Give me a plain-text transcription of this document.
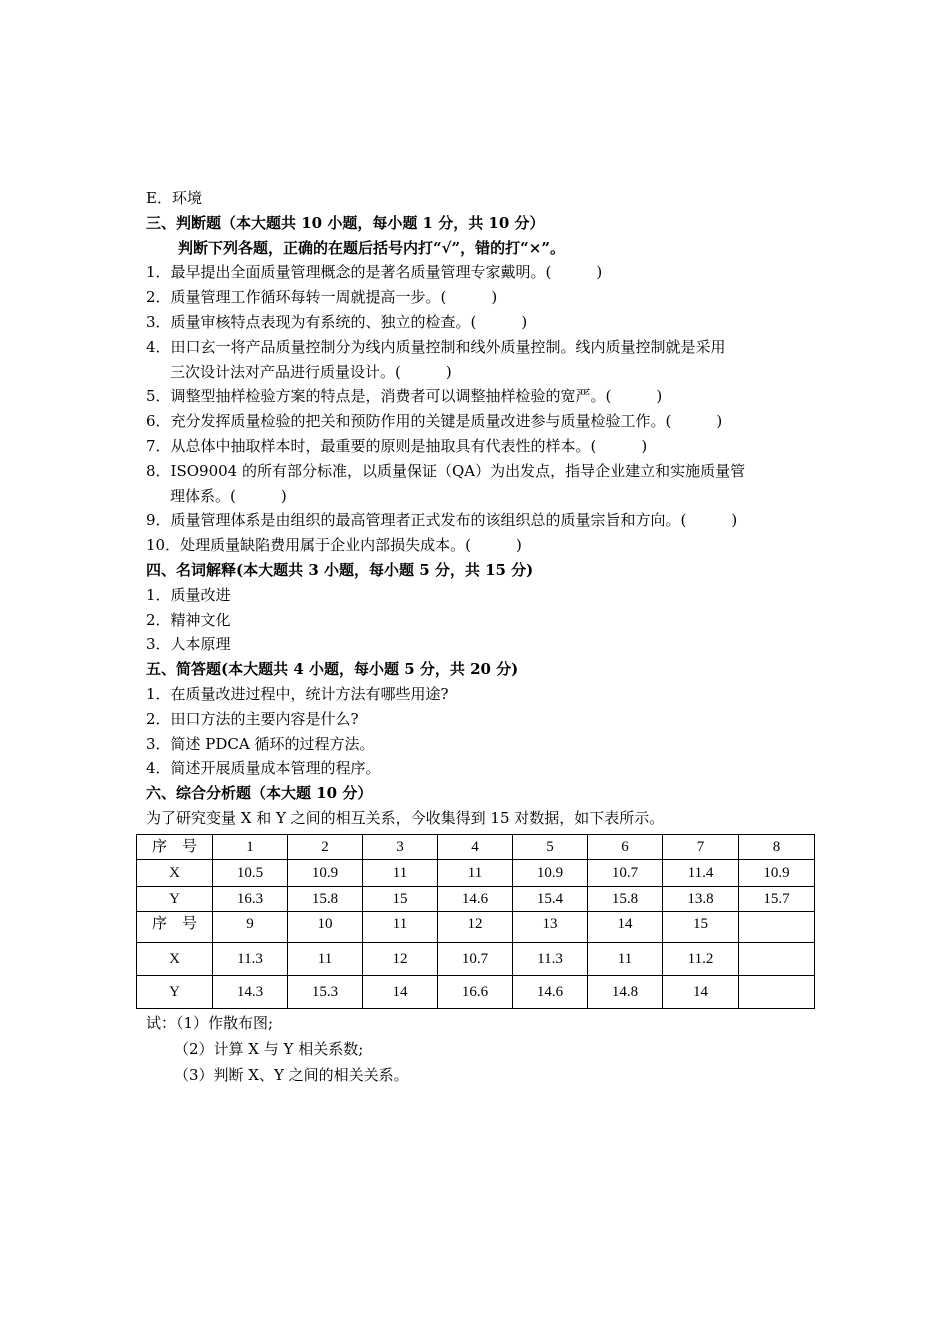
E．环境
三、判断题（本大题共 10 小题，每小题 1 分，共 10 分）
判断下列各题，正确的在题后括号内打“√”，错的打“×”。
1．最早提出全面质量管理概念的是著名质量管理专家戴明。(　　　)
2．质量管理工作循环每转一周就提高一步。(　　　)
3．质量审核特点表现为有系统的、独立的检查。(　　　)
4．田口玄一将产品质量控制分为线内质量控制和线外质量控制。线内质量控制就是采用
三次设计法对产品进行质量设计。(　　　)
5．调整型抽样检验方案的特点是，消费者可以调整抽样检验的宽严。(　　　)
6．充分发挥质量检验的把关和预防作用的关键是质量改进参与质量检验工作。(　　　)
7．从总体中抽取样本时，最重要的原则是抽取具有代表性的样本。(　　　)
8．ISO9004 的所有部分标准，以质量保证（QA）为出发点，指导企业建立和实施质量管
理体系。(　　　)
9．质量管理体系是由组织的最高管理者正式发布的该组织总的质量宗旨和方向。(　　　)
10．处理质量缺陷费用属于企业内部损失成本。(　　　)
四、名词解释(本大题共 3 小题，每小题 5 分，共 15 分)
1．质量改进
2．精神文化
3．人本原理
五、简答题(本大题共 4 小题，每小题 5 分，共 20 分)
1．在质量改进过程中，统计方法有哪些用途?
2．田口方法的主要内容是什么?
3．简述 PDCA 循环的过程方法。
4．简述开展质量成本管理的程序。
六、综合分析题（本大题 10 分）
为了研究变量 X 和 Y 之间的相互关系，今收集得到 15 对数据，如下表所示。
序　号	1	2	3	4	5	6	7	8
X	10.5	10.9	11	11	10.9	10.7	11.4	10.9
Y	16.3	15.8	15	14.6	15.4	15.8	13.8	15.7
序　号	9	10	11	12	13	14	15	
X	11.3	11	12	10.7	11.3	11	11.2	
Y	14.3	15.3	14	16.6	14.6	14.8	14	
试：（1）作散布图;
（2）计算 X 与 Y 相关系数;
（3）判断 X、Y 之间的相关关系。
